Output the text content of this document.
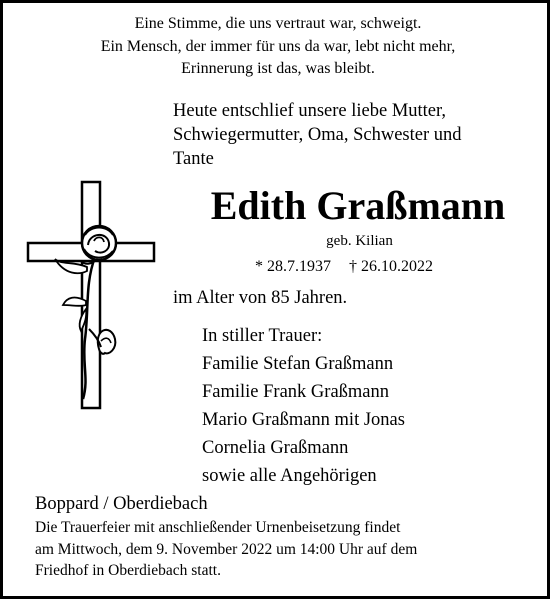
Eine Stimme, die uns vertraut war, schweigt.
Ein Mensch, der immer für uns da war, lebt nicht mehr,
Erinnerung ist das, was bleibt.
Heute entschlief unsere liebe Mutter,
Schwiegermutter, Oma, Schwester und
Tante
Edith Graßmann
geb. Kilian
* 28.7.1937 † 26.10.2022
im Alter von 85 Jahren.
In stiller Trauer:
Familie Stefan Graßmann
Familie Frank Graßmann
Mario Graßmann mit Jonas
Cornelia Graßmann
sowie alle Angehörigen
Boppard / Oberdiebach
Die Trauerfeier mit anschließender Urnenbeisetzung findet
am Mittwoch, dem 9. November 2022 um 14:00 Uhr auf dem
Friedhof in Oberdiebach statt.
